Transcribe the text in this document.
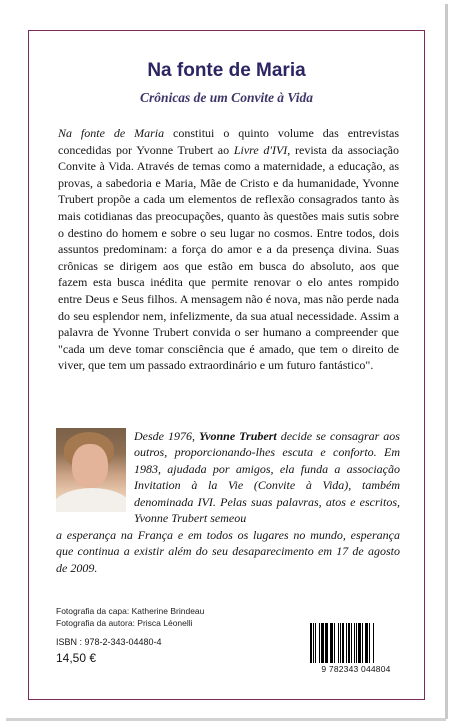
Na fonte de Maria
Crônicas de um Convite à Vida

Na fonte de Maria constitui o quinto volume das entrevistas concedidas por Yvonne Trubert ao Livre d'IVI, revista da associação Convite à Vida. Através de temas como a maternidade, a educação, as provas, a sabedoria e Maria, Mãe de Cristo e da humanidade, Yvonne Trubert propõe a cada um elementos de reflexão consagrados tanto às mais cotidianas das preocupações, quanto às questões mais sutis sobre o destino do homem e sobre o seu lugar no cosmos. Entre todos, dois assuntos predominam: a força do amor e a da presença divina. Suas crônicas se dirigem aos que estão em busca do absoluto, aos que fazem esta busca inédita que permite renovar o elo antes rompido entre Deus e Seus filhos. A mensagem não é nova, mas não perde nada do seu esplendor nem, infelizmente, da sua atual necessidade. Assim a palavra de Yvonne Trubert convida o ser humano a compreender que "cada um deve tomar consciência que é amado, que tem o direito de viver, que tem um passado extraordinário e um futuro fantástico".

Desde 1976, Yvonne Trubert decide se consagrar aos outros, proporcionando-lhes escuta e conforto. Em 1983, ajudada por amigos, ela funda a associação Invitation à la Vie (Convite à Vida), também denominada IVI. Pelas suas palavras, atos e escritos, Yvonne Trubert semeou

a esperança na França e em todos os lugares no mundo, esperança que continua a existir além do seu desaparecimento em 17 de agosto de 2009.

Fotografia da capa: Katherine Brindeau
Fotografia da autora: Prisca Léonelli
ISBN : 978-2-343-04480-4
14,50 €
9 782343 044804
